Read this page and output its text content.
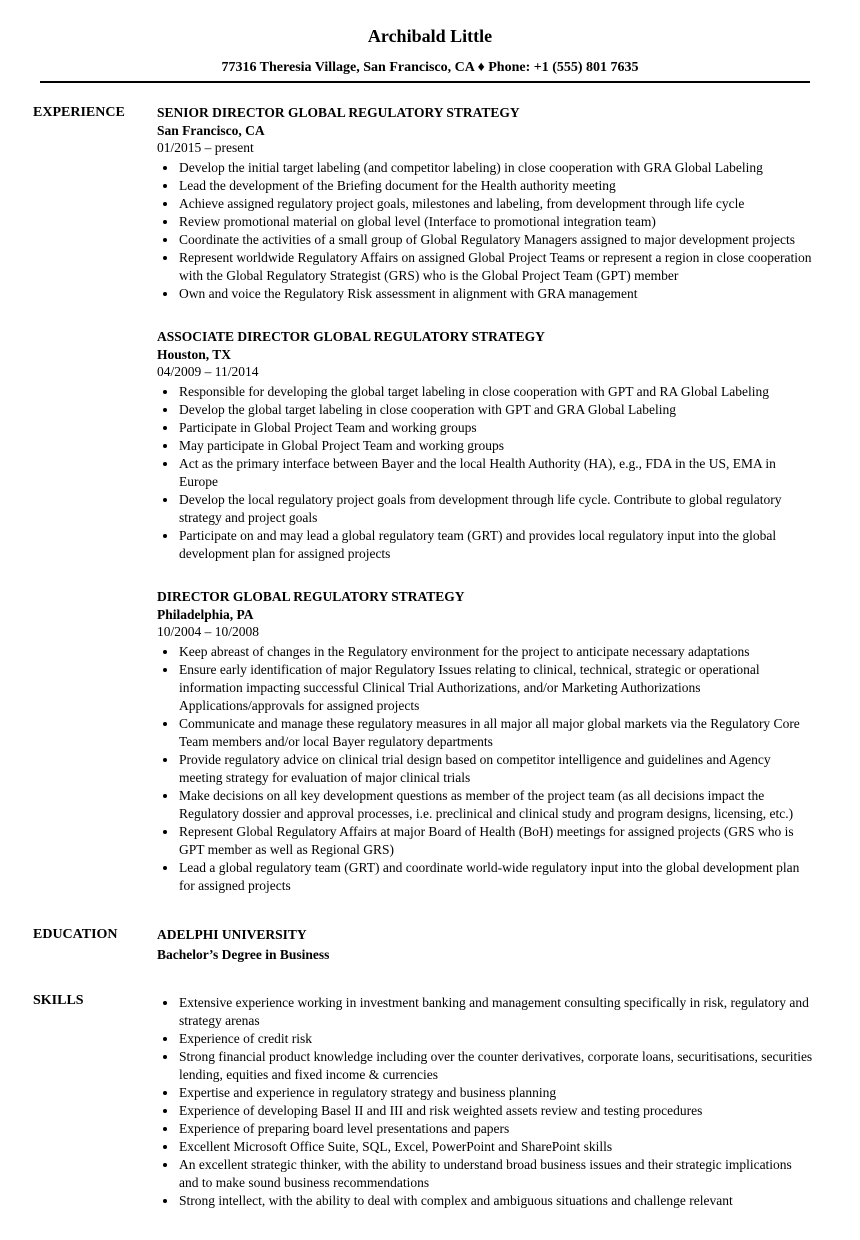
Archibald Little
77316 Theresia Village, San Francisco, CA ♦ Phone: +1 (555) 801 7635
EXPERIENCE	SENIOR DIRECTOR GLOBAL REGULATORY STRATEGY
San Francisco, CA
01/2015 – present
• Develop the initial target labeling (and competitor labeling) in close cooperation with GRA Global Labeling
• Lead the development of the Briefing document for the Health authority meeting
• Achieve assigned regulatory project goals, milestones and labeling, from development through life cycle
• Review promotional material on global level (Interface to promotional integration team)
• Coordinate the activities of a small group of Global Regulatory Managers assigned to major development projects
• Represent worldwide Regulatory Affairs on assigned Global Project Teams or represent a region in close cooperation with the Global Regulatory Strategist (GRS) who is the Global Project Team (GPT) member
• Own and voice the Regulatory Risk assessment in alignment with GRA management
ASSOCIATE DIRECTOR GLOBAL REGULATORY STRATEGY
Houston, TX
04/2009 – 11/2014
• Responsible for developing the global target labeling in close cooperation with GPT and RA Global Labeling
• Develop the global target labeling in close cooperation with GPT and GRA Global Labeling
• Participate in Global Project Team and working groups
• May participate in Global Project Team and working groups
• Act as the primary interface between Bayer and the local Health Authority (HA), e.g., FDA in the US, EMA in Europe
• Develop the local regulatory project goals from development through life cycle. Contribute to global regulatory strategy and project goals
• Participate on and may lead a global regulatory team (GRT) and provides local regulatory input into the global development plan for assigned projects
DIRECTOR GLOBAL REGULATORY STRATEGY
Philadelphia, PA
10/2004 – 10/2008
• Keep abreast of changes in the Regulatory environment for the project to anticipate necessary adaptations
• Ensure early identification of major Regulatory Issues relating to clinical, technical, strategic or operational information impacting successful Clinical Trial Authorizations, and/or Marketing Authorizations Applications/approvals for assigned projects
• Communicate and manage these regulatory measures in all major all major global markets via the Regulatory Core Team members and/or local Bayer regulatory departments
• Provide regulatory advice on clinical trial design based on competitor intelligence and guidelines and Agency meeting strategy for evaluation of major clinical trials
• Make decisions on all key development questions as member of the project team (as all decisions impact the Regulatory dossier and approval processes, i.e. preclinical and clinical study and program designs, licensing, etc.)
• Represent Global Regulatory Affairs at major Board of Health (BoH) meetings for assigned projects (GRS who is GPT member as well as Regional GRS)
• Lead a global regulatory team (GRT) and coordinate world-wide regulatory input into the global development plan for assigned projects
EDUCATION	ADELPHI UNIVERSITY
Bachelor’s Degree in Business
SKILLS	• Extensive experience working in investment banking and management consulting specifically in risk, regulatory and strategy arenas
• Experience of credit risk
• Strong financial product knowledge including over the counter derivatives, corporate loans, securitisations, securities lending, equities and fixed income & currencies
• Expertise and experience in regulatory strategy and business planning
• Experience of developing Basel II and III and risk weighted assets review and testing procedures
• Experience of preparing board level presentations and papers
• Excellent Microsoft Office Suite, SQL, Excel, PowerPoint and SharePoint skills
• An excellent strategic thinker, with the ability to understand broad business issues and their strategic implications and to make sound business recommendations
• Strong intellect, with the ability to deal with complex and ambiguous situations and challenge relevant
